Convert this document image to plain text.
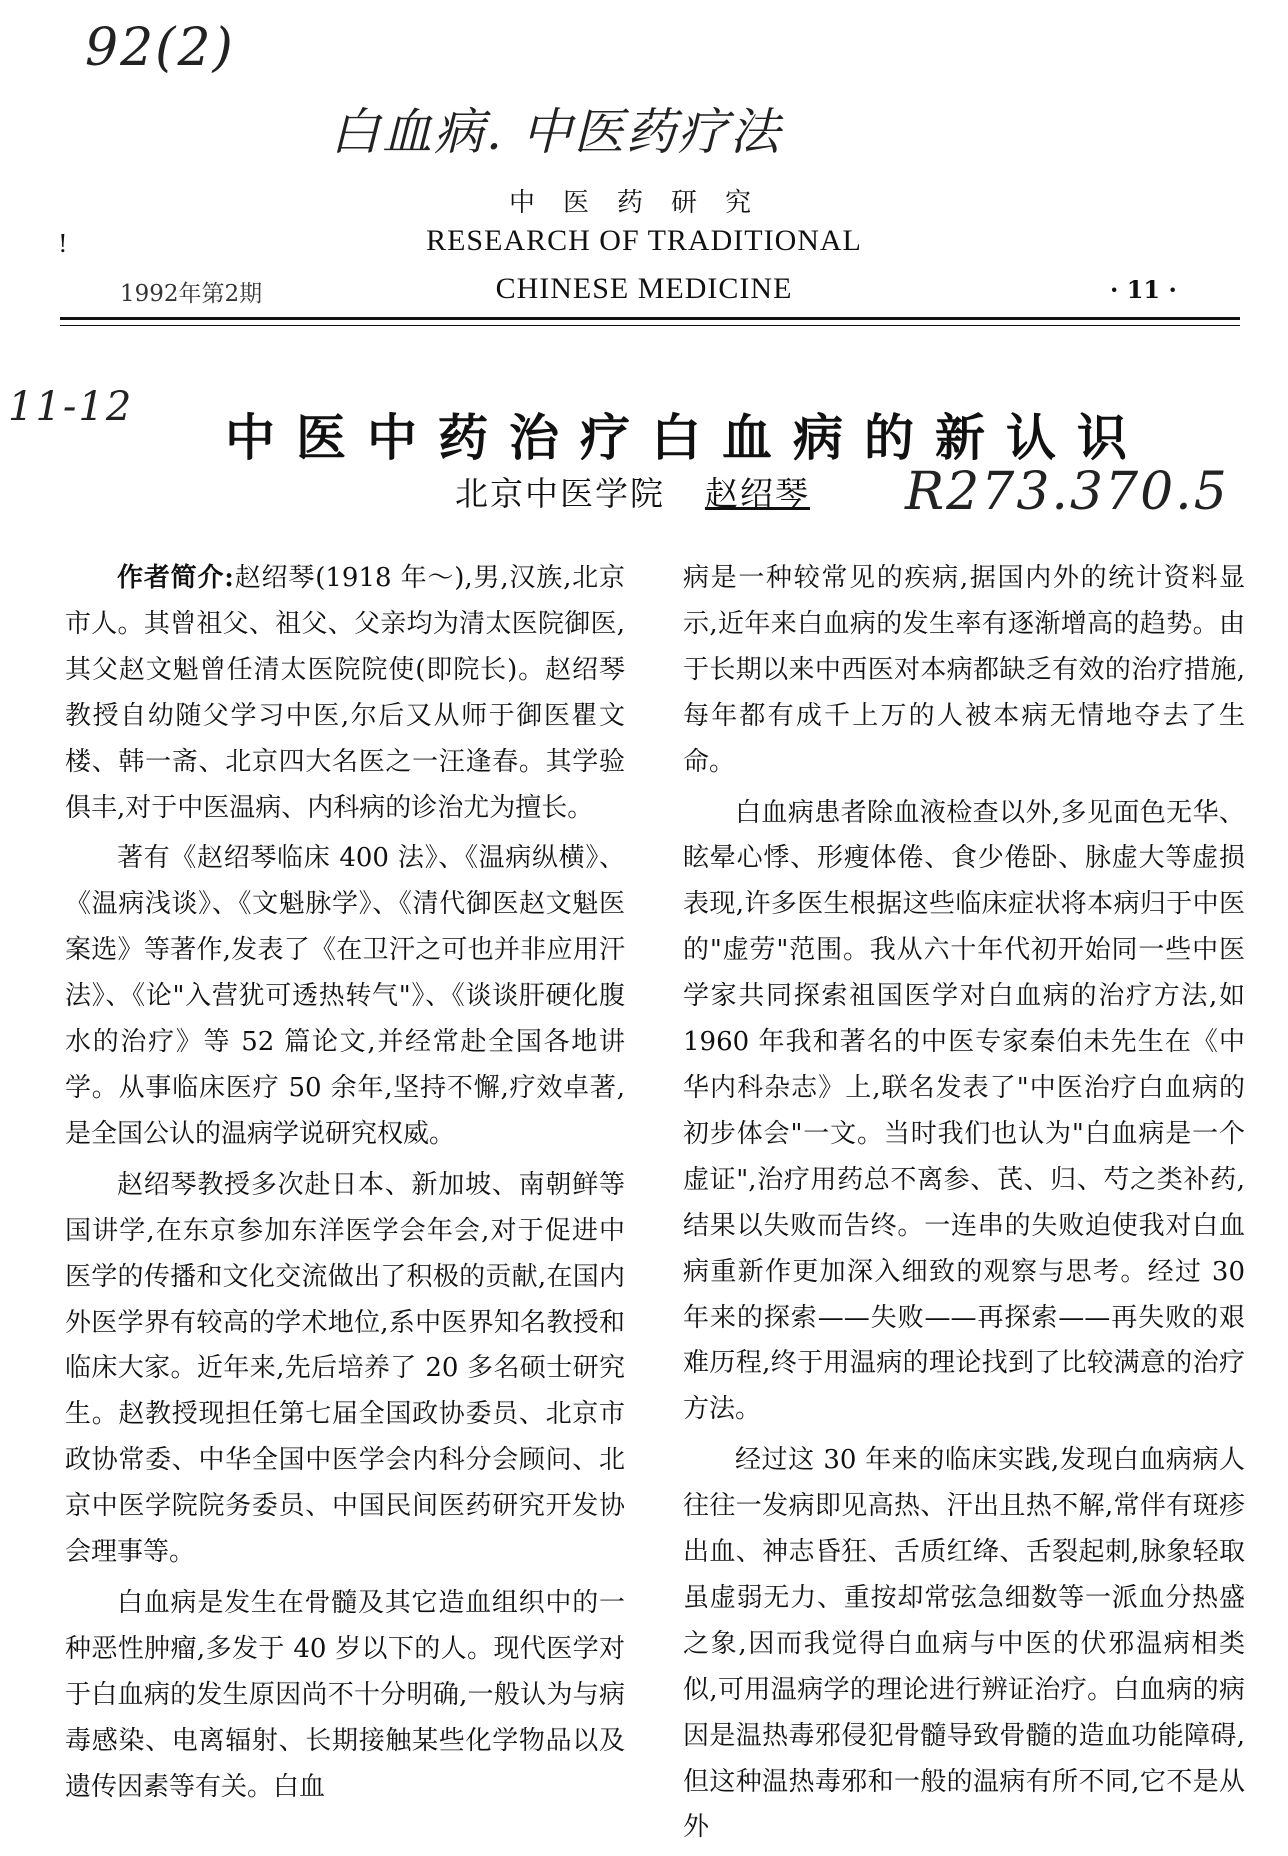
92(2)
白血病. 中医药疗法
!
中医药研究
RESEARCH OF TRADITIONAL
CHINESE MEDICINE
1992年第2期	· 11 ·
11-12
中医中药治疗白血病的新认识
北京中医学院 赵绍琴 R273.370.5

作者简介:赵绍琴(1918 年～),男,汉族,北京市人。其曾祖父、祖父、父亲均为清太医院御医,其父赵文魁曾任清太医院院使(即院长)。赵绍琴教授自幼随父学习中医,尔后又从师于御医瞿文楼、韩一斋、北京四大名医之一汪逢春。其学验俱丰,对于中医温病、内科病的诊治尤为擅长。

著有《赵绍琴临床 400 法》、《温病纵横》、《温病浅谈》、《文魁脉学》、《清代御医赵文魁医案选》等著作,发表了《在卫汗之可也并非应用汗法》、《论"入营犹可透热转气"》、《谈谈肝硬化腹水的治疗》等 52 篇论文,并经常赴全国各地讲学。从事临床医疗 50 余年,坚持不懈,疗效卓著,是全国公认的温病学说研究权威。

赵绍琴教授多次赴日本、新加坡、南朝鲜等国讲学,在东京参加东洋医学会年会,对于促进中医学的传播和文化交流做出了积极的贡献,在国内外医学界有较高的学术地位,系中医界知名教授和临床大家。近年来,先后培养了 20 多名硕士研究生。赵教授现担任第七届全国政协委员、北京市政协常委、中华全国中医学会内科分会顾问、北京中医学院院务委员、中国民间医药研究开发协会理事等。

白血病是发生在骨髓及其它造血组织中的一种恶性肿瘤,多发于 40 岁以下的人。现代医学对于白血病的发生原因尚不十分明确,一般认为与病毒感染、电离辐射、长期接触某些化学物品以及遗传因素等有关。白血

病是一种较常见的疾病,据国内外的统计资料显示,近年来白血病的发生率有逐渐增高的趋势。由于长期以来中西医对本病都缺乏有效的治疗措施,每年都有成千上万的人被本病无情地夺去了生命。

白血病患者除血液检查以外,多见面色无华、眩晕心悸、形瘦体倦、食少倦卧、脉虚大等虚损表现,许多医生根据这些临床症状将本病归于中医的"虚劳"范围。我从六十年代初开始同一些中医学家共同探索祖国医学对白血病的治疗方法,如 1960 年我和著名的中医专家秦伯未先生在《中华内科杂志》上,联名发表了"中医治疗白血病的初步体会"一文。当时我们也认为"白血病是一个虚证",治疗用药总不离参、芪、归、芍之类补药,结果以失败而告终。一连串的失败迫使我对白血病重新作更加深入细致的观察与思考。经过 30 年来的探索——失败——再探索——再失败的艰难历程,终于用温病的理论找到了比较满意的治疗方法。

经过这 30 年来的临床实践,发现白血病病人往往一发病即见高热、汗出且热不解,常伴有斑疹出血、神志昏狂、舌质红绛、舌裂起刺,脉象轻取虽虚弱无力、重按却常弦急细数等一派血分热盛之象,因而我觉得白血病与中医的伏邪温病相类似,可用温病学的理论进行辨证治疗。白血病的病因是温热毒邪侵犯骨髓导致骨髓的造血功能障碍,但这种温热毒邪和一般的温病有所不同,它不是从外
